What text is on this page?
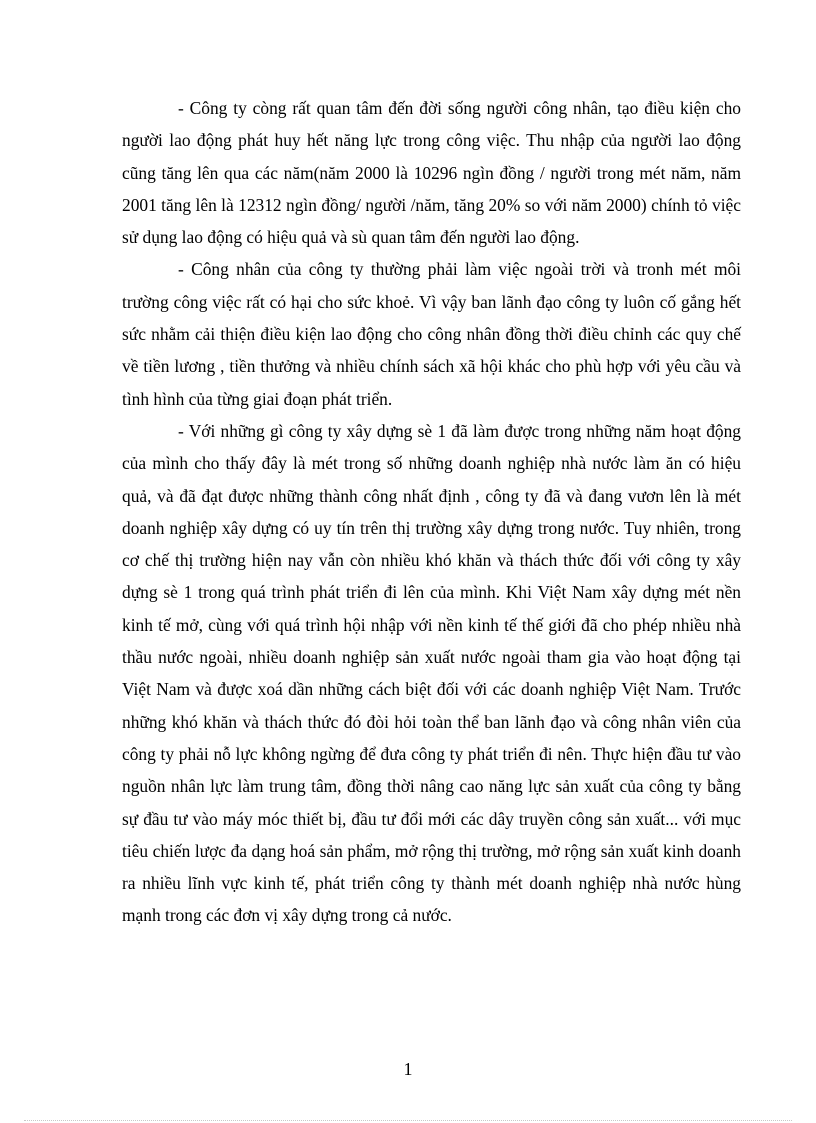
- Công ty còng rất quan tâm đến đời sống người công nhân, tạo điều kiện cho người lao động phát huy hết năng lực trong công việc. Thu nhập của người lao động cũng tăng lên qua các năm(năm 2000 là 10296 ngìn đồng / người trong mét năm, năm 2001 tăng lên là 12312 ngìn đồng/ người /năm, tăng 20% so với năm 2000) chính tỏ việc sử dụng lao động có hiệu quả và sù quan tâm đến người lao động.

- Công nhân của công ty thường phải làm việc ngoài trời và tronh mét môi trường công việc rất có hại cho sức khoẻ. Vì vậy ban lãnh đạo công ty luôn cố gắng hết sức nhằm cải thiện điều kiện lao động cho công nhân đồng thời điều chỉnh các quy chế về tiền lương , tiền thưởng và nhiều chính sách xã hội khác cho phù hợp với yêu cầu và tình hình của từng giai đoạn phát triển.

- Với những gì công ty xây dựng sè 1 đã làm được trong những năm hoạt động của mình cho thấy đây là mét trong số những doanh nghiệp nhà nước làm ăn có hiệu quả, và đã đạt được những thành công nhất định , công ty đã và đang vươn lên là mét doanh nghiệp xây dựng có uy tín trên thị trường xây dựng trong nước. Tuy nhiên, trong cơ chế thị trường hiện nay vẫn còn nhiều khó khăn và thách thức đối với công ty xây dựng sè 1 trong quá trình phát triển đi lên của mình. Khi Việt Nam xây dựng mét nền kinh tế mở, cùng với quá trình hội nhập với nền kinh tế thế giới đã cho phép nhiều nhà thầu nước ngoài, nhiều doanh nghiệp sản xuất nước ngoài tham gia vào hoạt động tại Việt Nam và được xoá dần những cách biệt đối với các doanh nghiệp Việt Nam. Trước những khó khăn và thách thức đó đòi hỏi toàn thể ban lãnh đạo và công nhân viên của công ty phải nỗ lực không ngừng để đưa công ty phát triển đi nên. Thực hiện đầu tư vào nguồn nhân lực làm trung tâm, đồng thời nâng cao năng lực sản xuất của công ty bằng sự đầu tư vào máy móc thiết bị, đầu tư đổi mới các dây truyền công sản xuất... với mục tiêu chiến lược đa dạng hoá sản phẩm, mở rộng thị trường, mở rộng sản xuất kinh doanh ra nhiều lĩnh vực kinh tế, phát triển công ty thành mét doanh nghiệp nhà nước hùng mạnh trong các đơn vị xây dựng trong cả nước.

1
